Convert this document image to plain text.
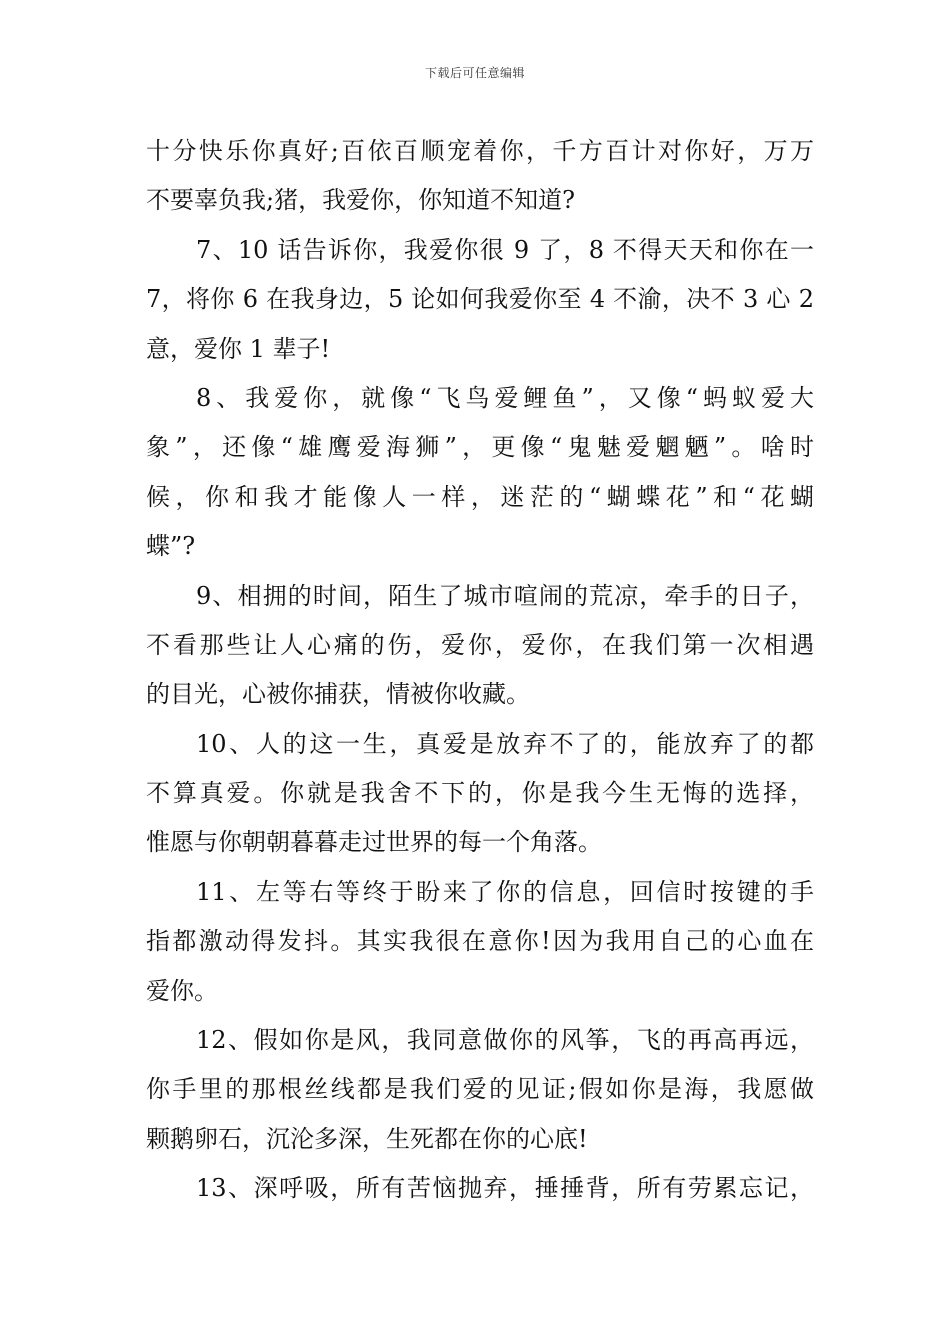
下载后可任意编辑
十分快乐你真好;百依百顺宠着你，千方百计对你好，万万
不要辜负我;猪，我爱你，你知道不知道?
7、10 话告诉你，我爱你很 9 了，8 不得天天和你在一
7，将你 6 在我身边，5 论如何我爱你至 4 不渝，决不 3 心 2
意，爱你 1 辈子!
8、我爱你，就像“飞鸟爱鲤鱼”，又像“蚂蚁爱大
象”，还像“雄鹰爱海狮”，更像“鬼魅爱魍魉”。啥时
候，你和我才能像人一样，迷茫的“蝴蝶花”和“花蝴
蝶”?
9、相拥的时间，陌生了城市喧闹的荒凉，牵手的日子，
不看那些让人心痛的伤，爱你，爱你，在我们第一次相遇
的目光，心被你捕获，情被你收藏。
10、人的这一生，真爱是放弃不了的，能放弃了的都
不算真爱。你就是我舍不下的，你是我今生无悔的选择，
惟愿与你朝朝暮暮走过世界的每一个角落。
11、左等右等终于盼来了你的信息，回信时按键的手
指都激动得发抖。其实我很在意你!因为我用自己的心血在
爱你。
12、假如你是风，我同意做你的风筝，飞的再高再远，
你手里的那根丝线都是我们爱的见证;假如你是海，我愿做
颗鹅卵石，沉沦多深，生死都在你的心底!
13、深呼吸，所有苦恼抛弃，捶捶背，所有劳累忘记，
